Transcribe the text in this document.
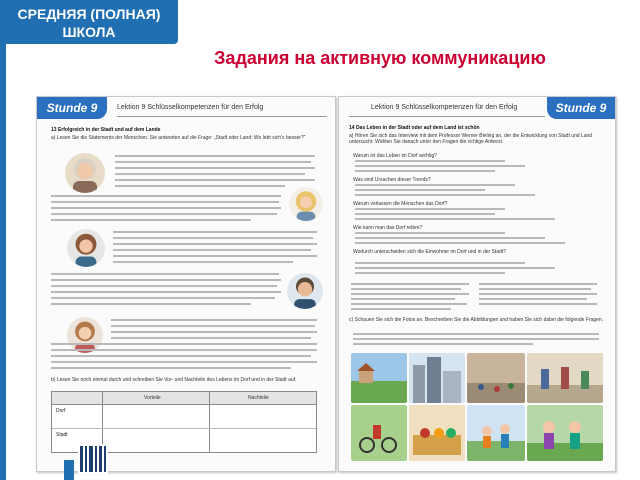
СРЕДНЯЯ (ПОЛНАЯ)
ШКОЛА
Задания на активную коммуникацию
Stunde 9	Lektion 9 Schlüsselkompetenzen für den Erfolg

13 Erfolgreich in der Stadt und auf dem Lande

a) Lesen Sie die Statements der Menschen. Sie antworten auf die Frage: „Stadt oder Land: Wo lebt sich’s besser?“

b) Lesen Sie noch einmal durch und schreiben Sie Vor- und Nachteile des Lebens im Dorf und in der Stadt auf.

Vorteile	Nachteile
Dorf
Stadt
Stunde 9
Lektion 9 Schlüsselkompetenzen für den Erfolg

14 Das Leben in der Stadt oder auf dem Land ist schön

a) Hören Sie sich das Interview mit dem Professor Werner Bieling an, der die Entwicklung von Stadt und Land untersucht. Wählen Sie danach unter den Fragen die richtige Antwort.

Warum ist das Leben im Dorf wichtig?

Was sind Ursachen dieser Trends?

Warum verlassen die Menschen das Dorf?

Wie kann man das Dorf retten?

Wodurch unterscheiden sich die Einwohner im Dorf und in der Stadt?

c) Schauen Sie sich die Fotos an. Beschreiben Sie die Abbildungen und haben Sie sich dabei die folgende Fragen.
